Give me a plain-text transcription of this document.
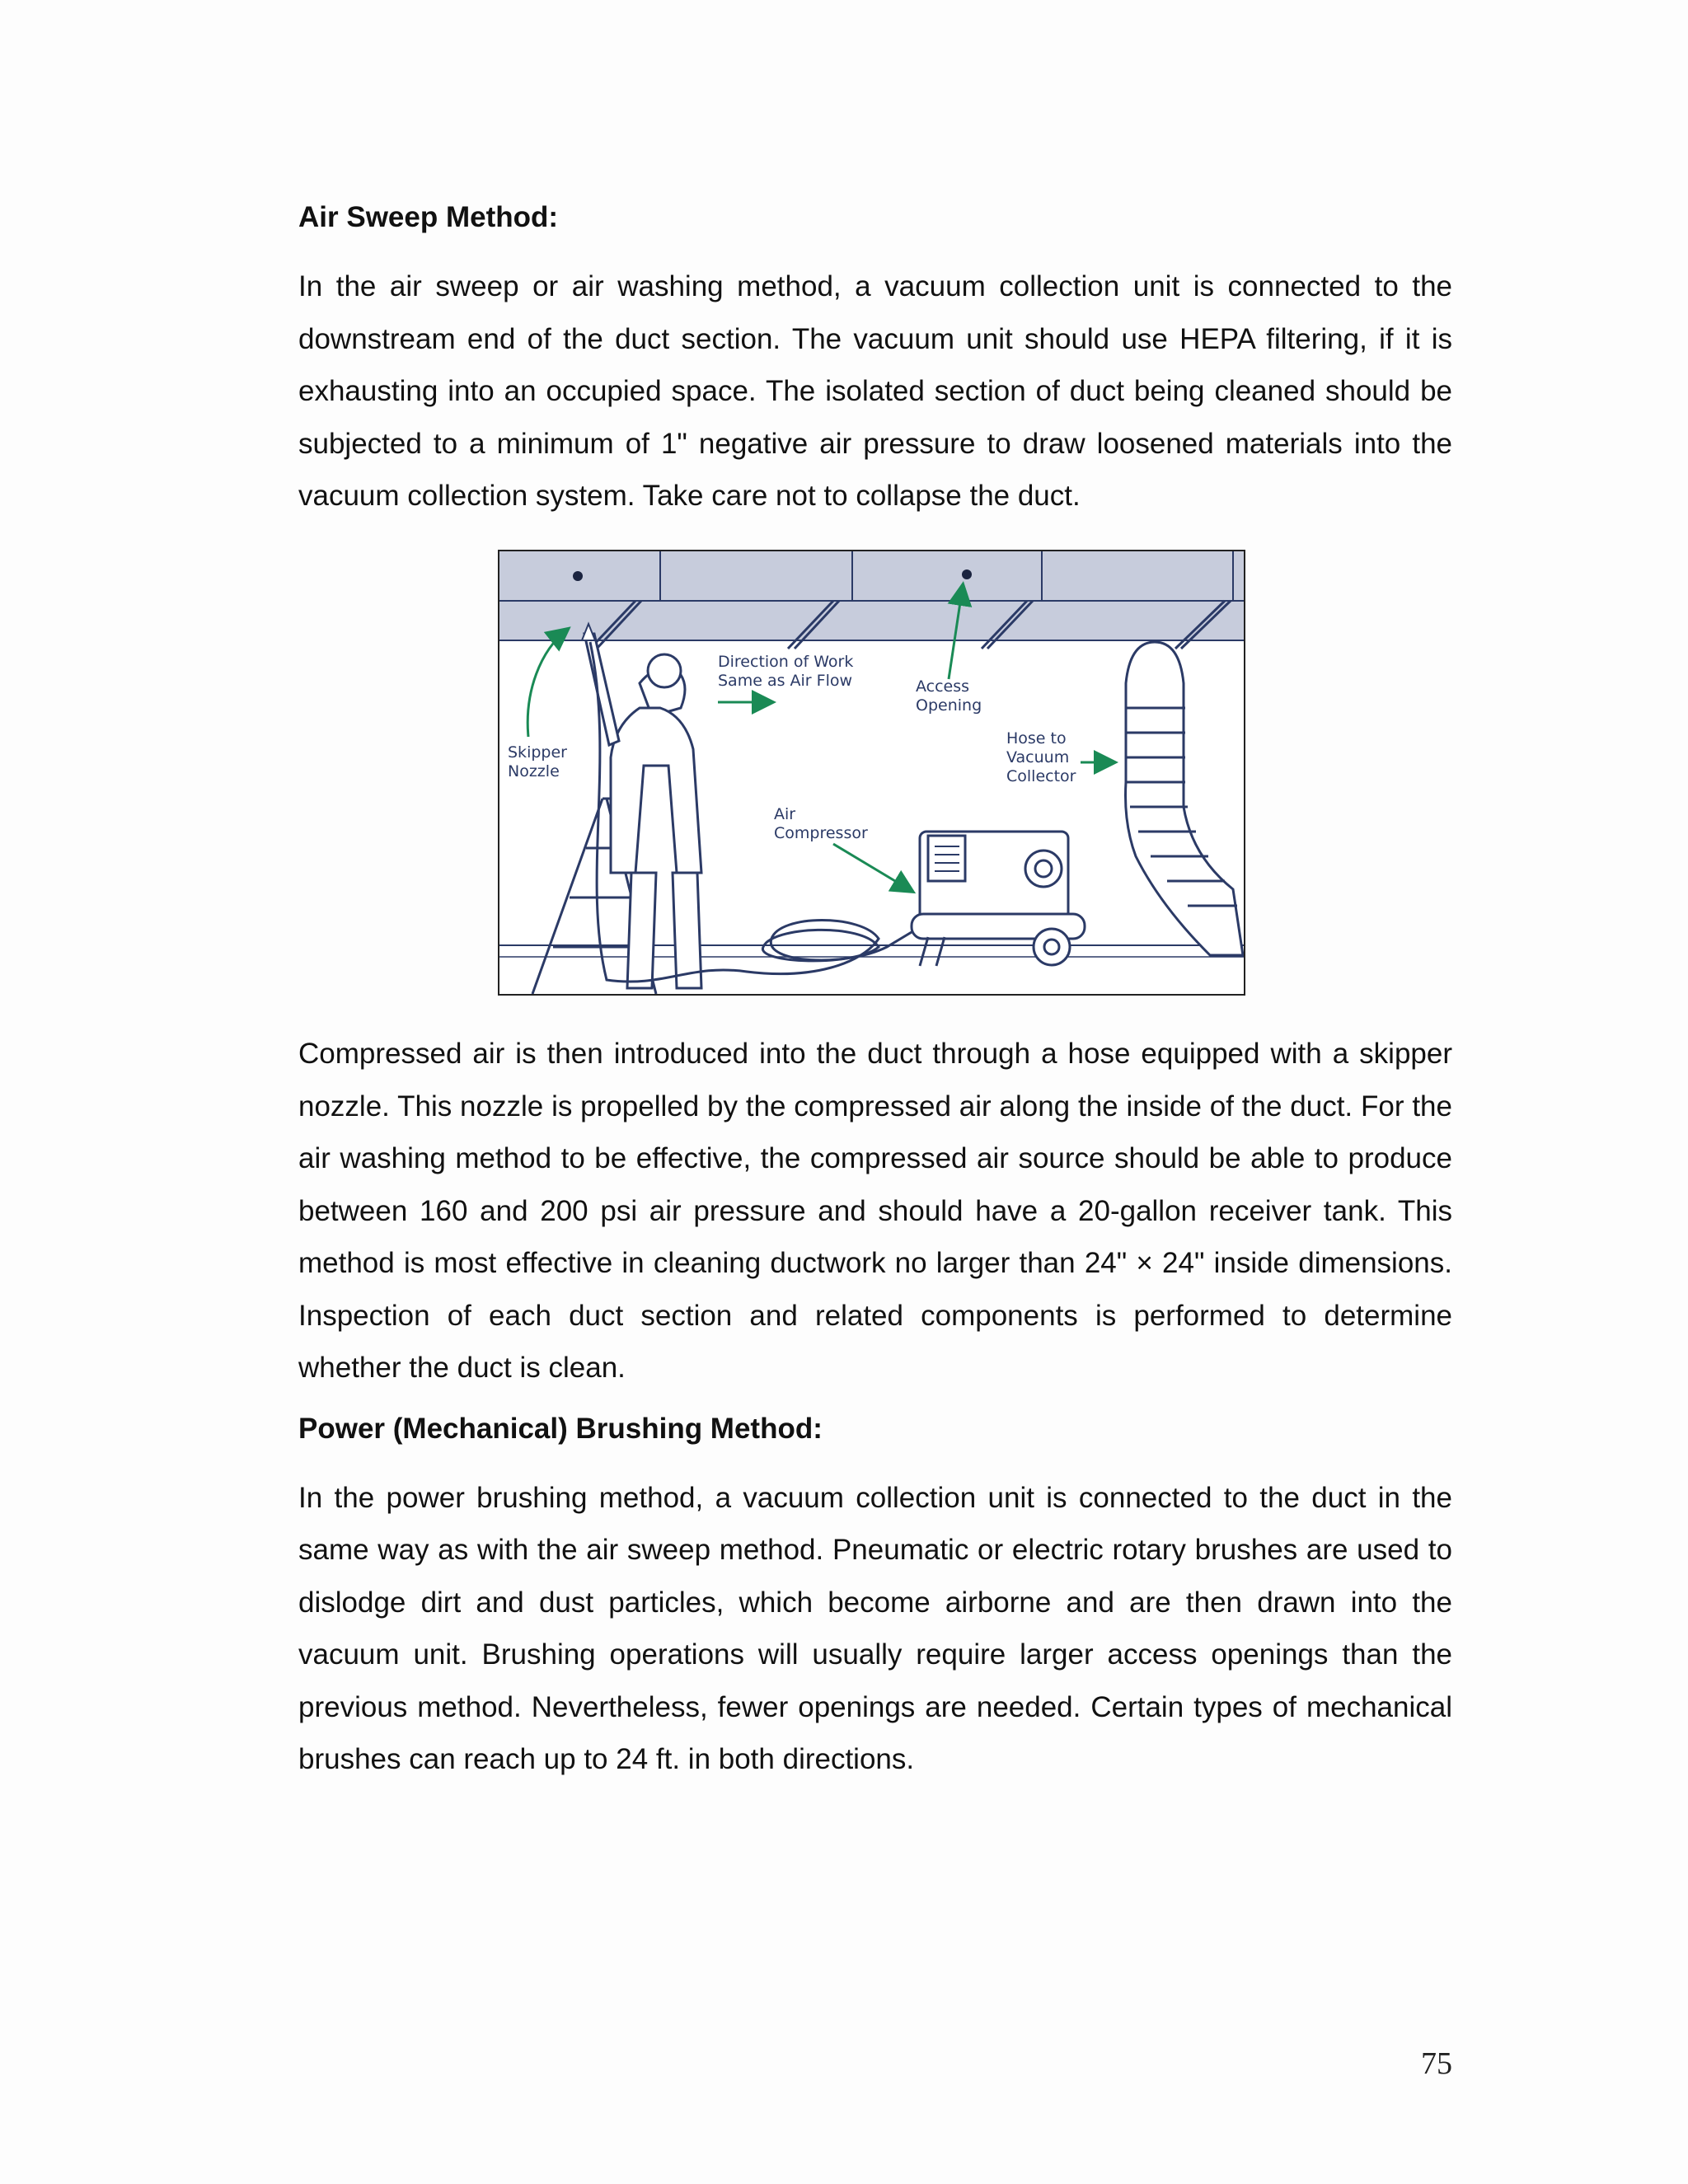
Air Sweep Method:

In the air sweep or air washing method, a vacuum collection unit is connected to the downstream end of the duct section. The vacuum unit should use HEPA filtering, if it is exhausting into an occupied space. The isolated section of duct being cleaned should be subjected to a minimum of 1" negative air pressure to draw loosened materials into the vacuum collection system. Take care not to collapse the duct.

Skipper
Nozzle
Direction of Work
Same as Air Flow	Access
Opening
Hose to
Vacuum
Collector
Air
Compressor

Compressed air is then introduced into the duct through a hose equipped with a skipper nozzle. This nozzle is propelled by the compressed air along the inside of the duct. For the air washing method to be effective, the compressed air source should be able to produce between 160 and 200 psi air pressure and should have a 20-gallon receiver tank. This method is most effective in cleaning ductwork no larger than 24" × 24" inside dimensions. Inspection of each duct section and related components is performed to determine whether the duct is clean.

Power (Mechanical) Brushing Method:

In the power brushing method, a vacuum collection unit is connected to the duct in the same way as with the air sweep method. Pneumatic or electric rotary brushes are used to dislodge dirt and dust particles, which become airborne and are then drawn into the vacuum unit. Brushing operations will usually require larger access openings than the previous method. Nevertheless, fewer openings are needed. Certain types of mechanical brushes can reach up to 24 ft. in both directions.

75
